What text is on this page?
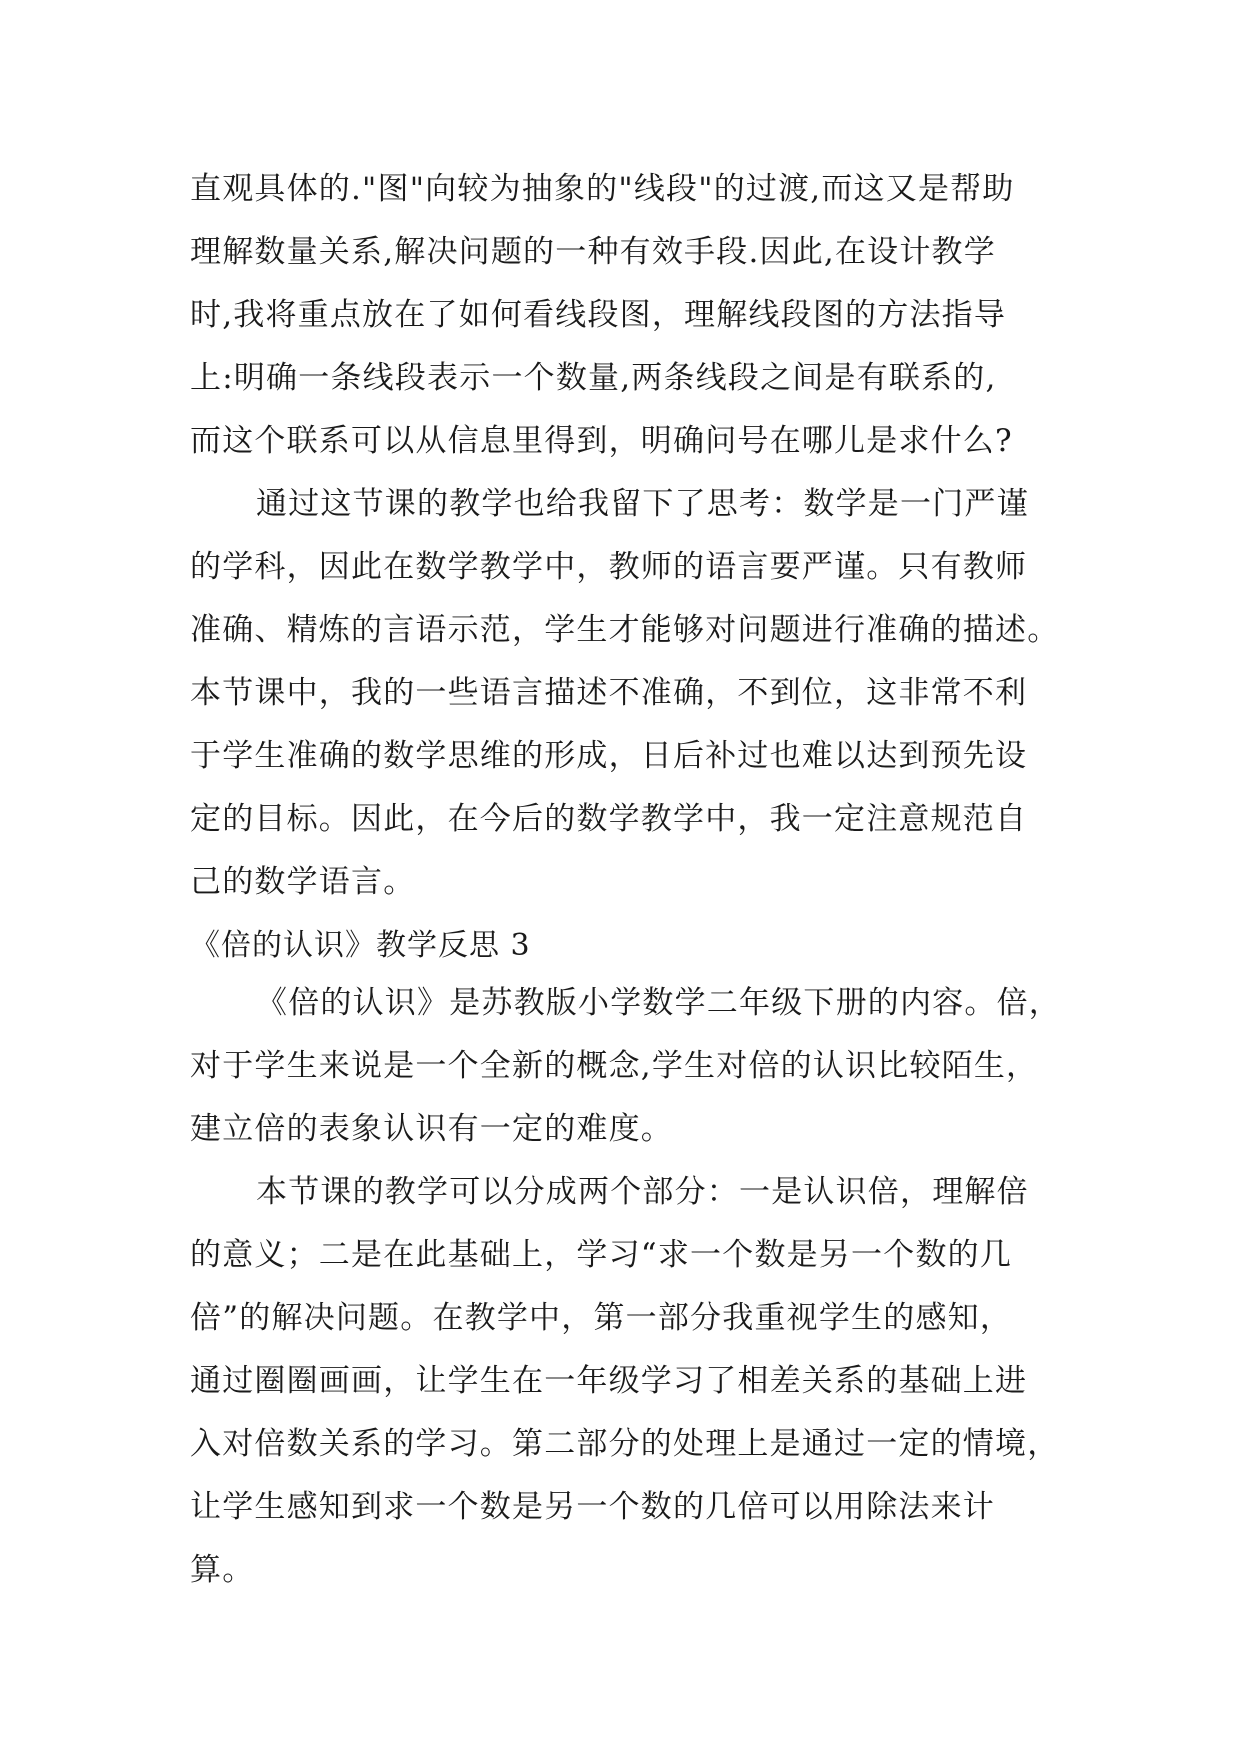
直观具体的."图"向较为抽象的"线段"的过渡,而这又是帮助
理解数量关系,解决问题的一种有效手段.因此,在设计教学
时,我将重点放在了如何看线段图，理解线段图的方法指导
上:明确一条线段表示一个数量,两条线段之间是有联系的,
而这个联系可以从信息里得到，明确问号在哪儿是求什么?
通过这节课的教学也给我留下了思考：数学是一门严谨
的学科，因此在数学教学中，教师的语言要严谨。只有教师
准确、精炼的言语示范，学生才能够对问题进行准确的描述。
本节课中，我的一些语言描述不准确，不到位，这非常不利
于学生准确的数学思维的形成，日后补过也难以达到预先设
定的目标。因此，在今后的数学教学中，我一定注意规范自
己的数学语言。
《倍的认识》教学反思 3
《倍的认识》是苏教版小学数学二年级下册的内容。倍，
对于学生来说是一个全新的概念,学生对倍的认识比较陌生，
建立倍的表象认识有一定的难度。
本节课的教学可以分成两个部分：一是认识倍，理解倍
的意义；二是在此基础上，学习“求一个数是另一个数的几
倍”的解决问题。在教学中，第一部分我重视学生的感知，
通过圈圈画画，让学生在一年级学习了相差关系的基础上进
入对倍数关系的学习。第二部分的处理上是通过一定的情境，
让学生感知到求一个数是另一个数的几倍可以用除法来计
算。
